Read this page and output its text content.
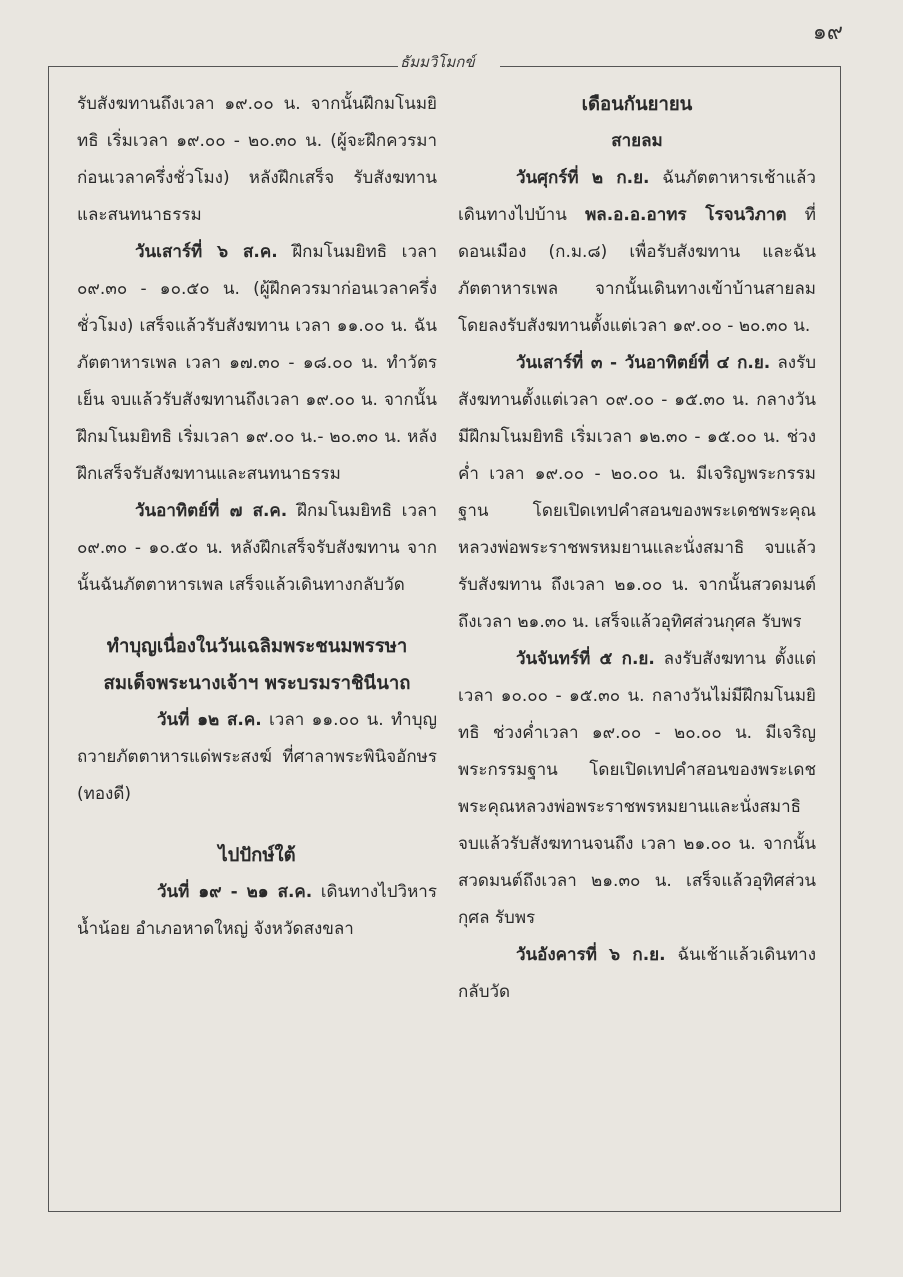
๑๙
ธัมมวิโมกข์

รับสังฆทานถึงเวลา ๑๙.๐๐ น. จากนั้นฝึกมโนมยิทธิ เริ่มเวลา ๑๙.๐๐ - ๒๐.๓๐ น. (ผู้จะฝึกควรมาก่อนเวลาครึ่งชั่วโมง) หลังฝึกเสร็จ รับสังฆทานและสนทนาธรรม

วันเสาร์ที่ ๖ ส.ค. ฝึกมโนมยิทธิ เวลา ๐๙.๓๐ - ๑๐.๕๐ น. (ผู้ฝึกควรมาก่อนเวลาครึ่งชั่วโมง) เสร็จแล้วรับสังฆทาน เวลา ๑๑.๐๐ น. ฉันภัตตาหารเพล เวลา ๑๗.๓๐ - ๑๘.๐๐ น. ทำวัตรเย็น จบแล้วรับสังฆทานถึงเวลา ๑๙.๐๐ น. จากนั้น ฝึกมโนมยิทธิ เริ่มเวลา ๑๙.๐๐ น.- ๒๐.๓๐ น. หลังฝึกเสร็จรับสังฆทานและสนทนาธรรม

วันอาทิตย์ที่ ๗ ส.ค. ฝึกมโนมยิทธิ เวลา ๐๙.๓๐ - ๑๐.๕๐ น. หลังฝึกเสร็จรับสังฆทาน จากนั้นฉันภัตตาหารเพล เสร็จแล้วเดินทางกลับวัด

ทำบุญเนื่องในวันเฉลิมพระชนมพรรษา
สมเด็จพระนางเจ้าฯ พระบรมราชินีนาถ

วันที่ ๑๒ ส.ค. เวลา ๑๑.๐๐ น. ทำบุญถวายภัตตาหารแด่พระสงฆ์ ที่ศาลาพระพินิจอักษร (ทองดี)

ไปปักษ์ใต้

วันที่ ๑๙ - ๒๑ ส.ค. เดินทางไปวิหารน้ำน้อย อำเภอหาดใหญ่ จังหวัดสงขลา

เดือนกันยายน
สายลม

วันศุกร์ที่ ๒ ก.ย. ฉันภัตตาหารเช้าแล้วเดินทางไปบ้าน พล.อ.อ.อาทร โรจนวิภาต ที่ดอนเมือง (ก.ม.๘) เพื่อรับสังฆทาน และฉันภัตตาหารเพล จากนั้นเดินทางเข้าบ้านสายลม โดยลงรับสังฆทานตั้งแต่เวลา ๑๙.๐๐ - ๒๐.๓๐ น.

วันเสาร์ที่ ๓ - วันอาทิตย์ที่ ๔ ก.ย. ลงรับสังฆทานตั้งแต่เวลา ๐๙.๐๐ - ๑๕.๓๐ น. กลางวันมีฝึกมโนมยิทธิ เริ่มเวลา ๑๒.๓๐ - ๑๕.๐๐ น. ช่วงค่ำ เวลา ๑๙.๐๐ - ๒๐.๐๐ น. มีเจริญพระกรรมฐาน โดยเปิดเทปคำสอนของพระเดชพระคุณหลวงพ่อพระราชพรหมยานและนั่งสมาธิ จบแล้วรับสังฆทาน ถึงเวลา ๒๑.๐๐ น. จากนั้นสวดมนต์ ถึงเวลา ๒๑.๓๐ น. เสร็จแล้วอุทิศส่วนกุศล รับพร

วันจันทร์ที่ ๕ ก.ย. ลงรับสังฆทาน ตั้งแต่เวลา ๑๐.๐๐ - ๑๕.๓๐ น. กลางวันไม่มีฝึกมโนมยิทธิ ช่วงค่ำเวลา ๑๙.๐๐ - ๒๐.๐๐ น. มีเจริญพระกรรมฐาน โดยเปิดเทปคำสอนของพระเดชพระคุณหลวงพ่อพระราชพรหมยานและนั่งสมาธิ จบแล้วรับสังฆทานจนถึง เวลา ๒๑.๐๐ น. จากนั้นสวดมนต์ถึงเวลา ๒๑.๓๐ น. เสร็จแล้วอุทิศส่วนกุศล รับพร

วันอังคารที่ ๖ ก.ย. ฉันเช้าแล้วเดินทางกลับวัด
